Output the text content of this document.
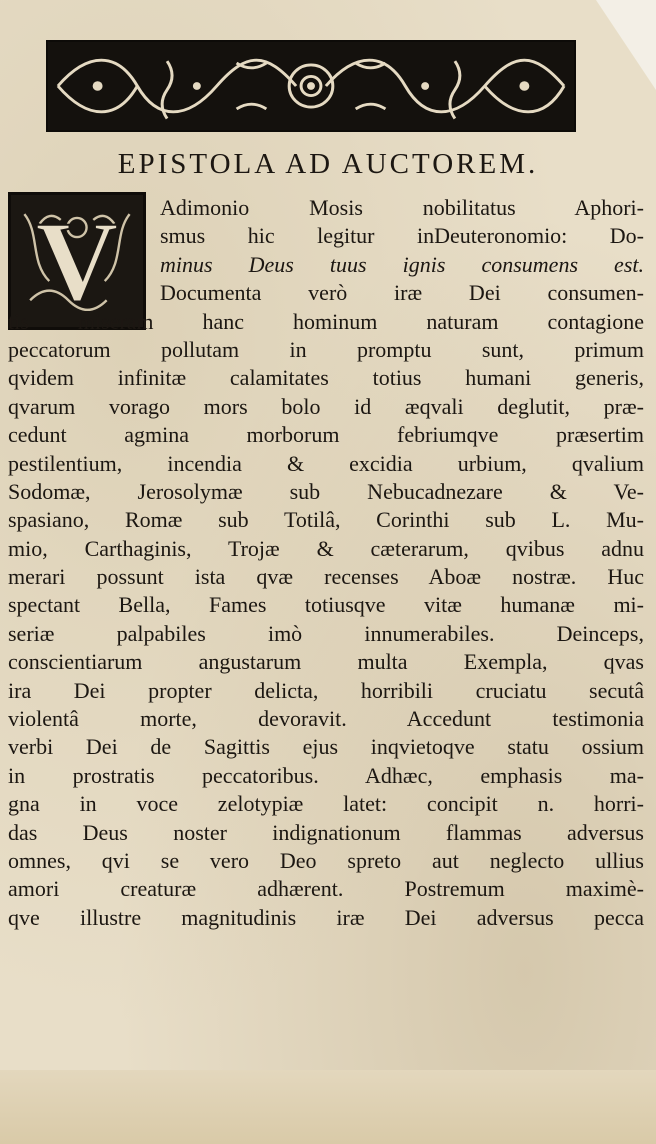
EPISTOLA AD AUCTOREM.
V Adimonio Mosis nobilitatus Aphori-
smus hic legitur inDeuteronomio: Do-
minus Deus tuus ignis consumens est.
Documenta verò iræ Dei consumen-
tis miseram hanc hominum naturam contagione
peccatorum pollutam in promptu sunt, primum
qvidem infinitæ calamitates totius humani generis,
qvarum vorago mors bolo id æqvali deglutit, præ-
cedunt agmina morborum febriumqve præsertim
pestilentium, incendia & excidia urbium, qvalium
Sodomæ, Jerosolymæ sub Nebucadnezare & Ve-
spasiano, Romæ sub Totilâ, Corinthi sub L. Mu-
mio, Carthaginis, Trojæ & cæterarum, qvibus adnu
merari possunt ista qvæ recenses Aboæ nostræ. Huc
spectant Bella, Fames totiusqve vitæ humanæ mi-
seriæ palpabiles imò innumerabiles. Deinceps,
conscientiarum angustarum multa Exempla, qvas
ira Dei propter delicta, horribili cruciatu secutâ
violentâ morte, devoravit. Accedunt testimonia
verbi Dei de Sagittis ejus inqvietoqve statu ossium
in prostratis peccatoribus. Adhæc, emphasis ma-
gna in voce zelotypiæ latet: concipit n. horri-
das Deus noster indignationum flammas adversus
omnes, qvi se vero Deo spreto aut neglecto ullius
amori creaturæ adhærent. Postremum maximè-
qve illustre magnitudinis iræ Dei adversus pecca
